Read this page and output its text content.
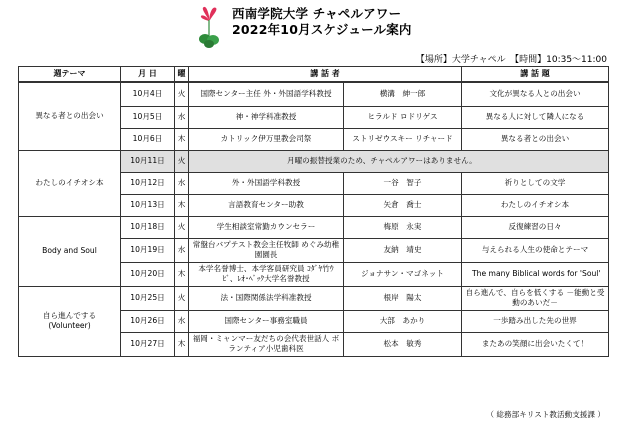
西南学院大学 チャペルアワー
2022年10月スケジュール案内
【場所】大学チャペル　【時間】10:35～11:00
週テーマ	月 日	曜	講 話 者		講 話 題
異なる者との出会い	10月4日	火	国際センター主任 外・外国語学科教授	横溝　紳一郎	文化が異なる人との出会い
	10月5日	水	神・神学科准教授	ヒラルド ロドリゲス	異なる人に対して隣人になる
	10月6日	木	カトリック伊万里教会司祭	ストリゼウスキー リチャード	異なる者との出会い
わたしのイチオシ本	10月11日	火	月曜の振替授業のため、チャペルアワーはありません。		
	10月12日	水	外・外国語学科教授	一谷　智子	祈りとしての文学
	10月13日	木	言語教育センター助教	矢倉　喬士	わたしのイチオシ本
Body and Soul	10月18日	火	学生相談室常勤カウンセラー	梅原　永実	反復練習の日々
	10月19日	水	常盤台バプテスト教会主任牧師 めぐみ幼稚園園長	友納　靖史	与えられる人生の使命とテーマ
	10月20日	木	本学名誉博士、本学客員研究員 ｺﾀﾞﾔ竹ｳﾋﾞ、ﾚｵ･ﾍﾞｯｸ大学名誉教授	ジョナサン・マゴネット	The many Biblical words for 'Soul'
自ら進んでする (Volunteer)	10月25日	火	法・国際関係法学科准教授	根岸　陽太	自ら進んで、自らを低くする －能動と受動のあいだ－
	10月26日	水	国際センター事務室職員	大部　あかり	一歩踏み出した先の世界
	10月27日	木	福岡・ミャンマー友だちの会代表世話人 ボランティア小児歯科医	松本　敏秀	またあの笑顔に出会いたくて！
（ 総務部キリスト教活動支援課 ）
